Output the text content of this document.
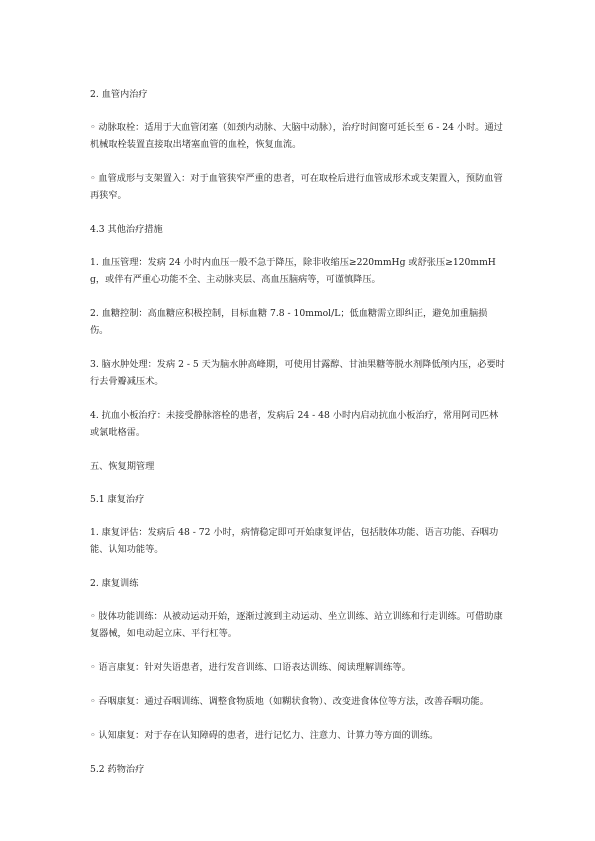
2. 血管内治疗

◦ 动脉取栓：适用于大血管闭塞（如颈内动脉、大脑中动脉），治疗时间窗可延长至 6 - 24 小时。通过机械取栓装置直接取出堵塞血管的血栓，恢复血流。

◦ 血管成形与支架置入：对于血管狭窄严重的患者，可在取栓后进行血管成形术或支架置入，预防血管再狭窄。

4.3 其他治疗措施

1. 血压管理：发病 24 小时内血压一般不急于降压，除非收缩压≥220mmHg 或舒张压≥120mmHg，或伴有严重心功能不全、主动脉夹层、高血压脑病等，可谨慎降压。

2. 血糖控制：高血糖应积极控制，目标血糖 7.8 - 10mmol/L；低血糖需立即纠正，避免加重脑损伤。

3. 脑水肿处理：发病 2 - 5 天为脑水肿高峰期，可使用甘露醇、甘油果糖等脱水剂降低颅内压，必要时行去骨瓣减压术。

4. 抗血小板治疗：未接受静脉溶栓的患者，发病后 24 - 48 小时内启动抗血小板治疗，常用阿司匹林或氯吡格雷。

五、恢复期管理

5.1 康复治疗

1. 康复评估：发病后 48 - 72 小时，病情稳定即可开始康复评估，包括肢体功能、语言功能、吞咽功能、认知功能等。

2. 康复训练

◦ 肢体功能训练：从被动运动开始，逐渐过渡到主动运动、坐立训练、站立训练和行走训练。可借助康复器械，如电动起立床、平行杠等。

◦ 语言康复：针对失语患者，进行发音训练、口语表达训练、阅读理解训练等。

◦ 吞咽康复：通过吞咽训练、调整食物质地（如糊状食物）、改变进食体位等方法，改善吞咽功能。

◦ 认知康复：对于存在认知障碍的患者，进行记忆力、注意力、计算力等方面的训练。

5.2 药物治疗
